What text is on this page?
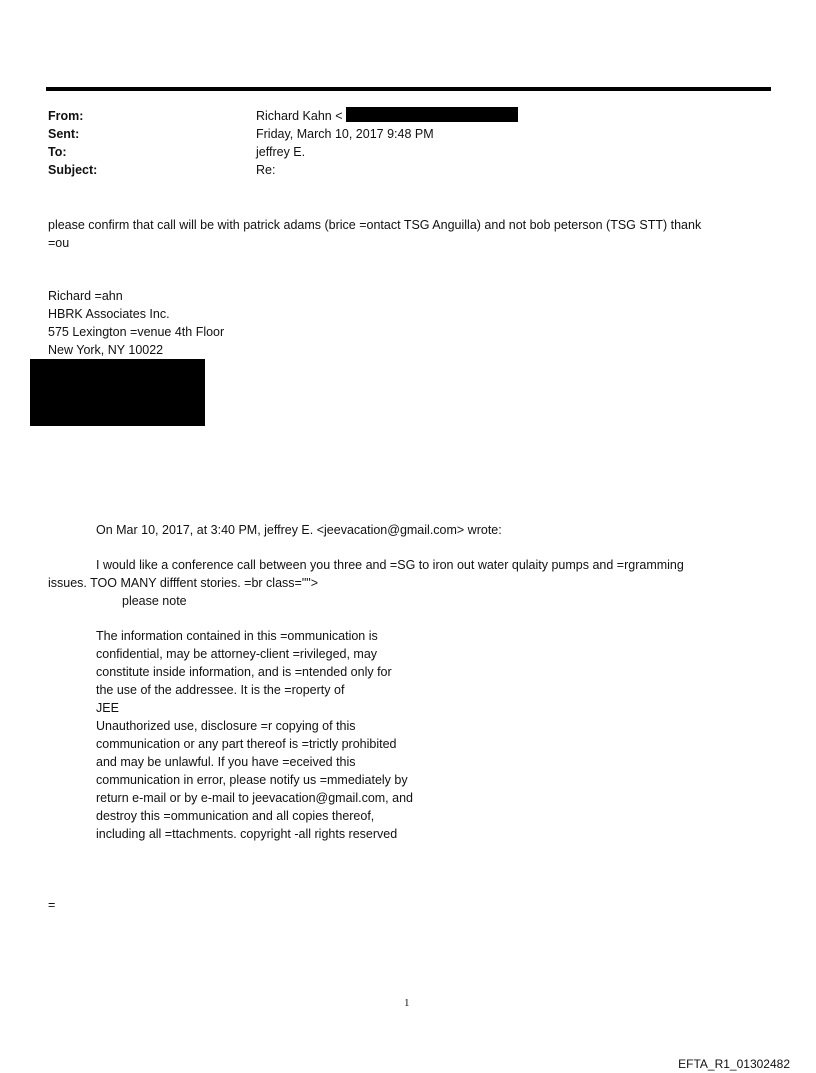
From:	Richard Kahn <
Sent:	Friday, March 10, 2017 9:48 PM
To:	jeffrey E.
Subject:	Re:
please confirm that call will be with patrick adams (brice =ontact TSG Anguilla) and not bob peterson (TSG STT) thank
=ou
Richard =ahn
HBRK Associates Inc.
575 Lexington =venue 4th Floor
New York, NY 10022
On Mar 10, 2017, at 3:40 PM, jeffrey E. <jeevacation@gmail.com> wrote:
I would like a conference call between you three and =SG to iron out water qulaity pumps and =rgramming
issues. TOO MANY difffent stories. =br class="">
please note
The information contained in this =ommunication is
confidential, may be attorney-client =rivileged, may
constitute inside information, and is =ntended only for
the use of the addressee. It is the =roperty of
JEE
Unauthorized use, disclosure =r copying of this
communication or any part thereof is =trictly prohibited
and may be unlawful. If you have =eceived this
communication in error, please notify us =mmediately by
return e-mail or by e-mail to jeevacation@gmail.com, and
destroy this =ommunication and all copies thereof,
including all =ttachments. copyright -all rights reserved
=
1
EFTA_R1_01302482
